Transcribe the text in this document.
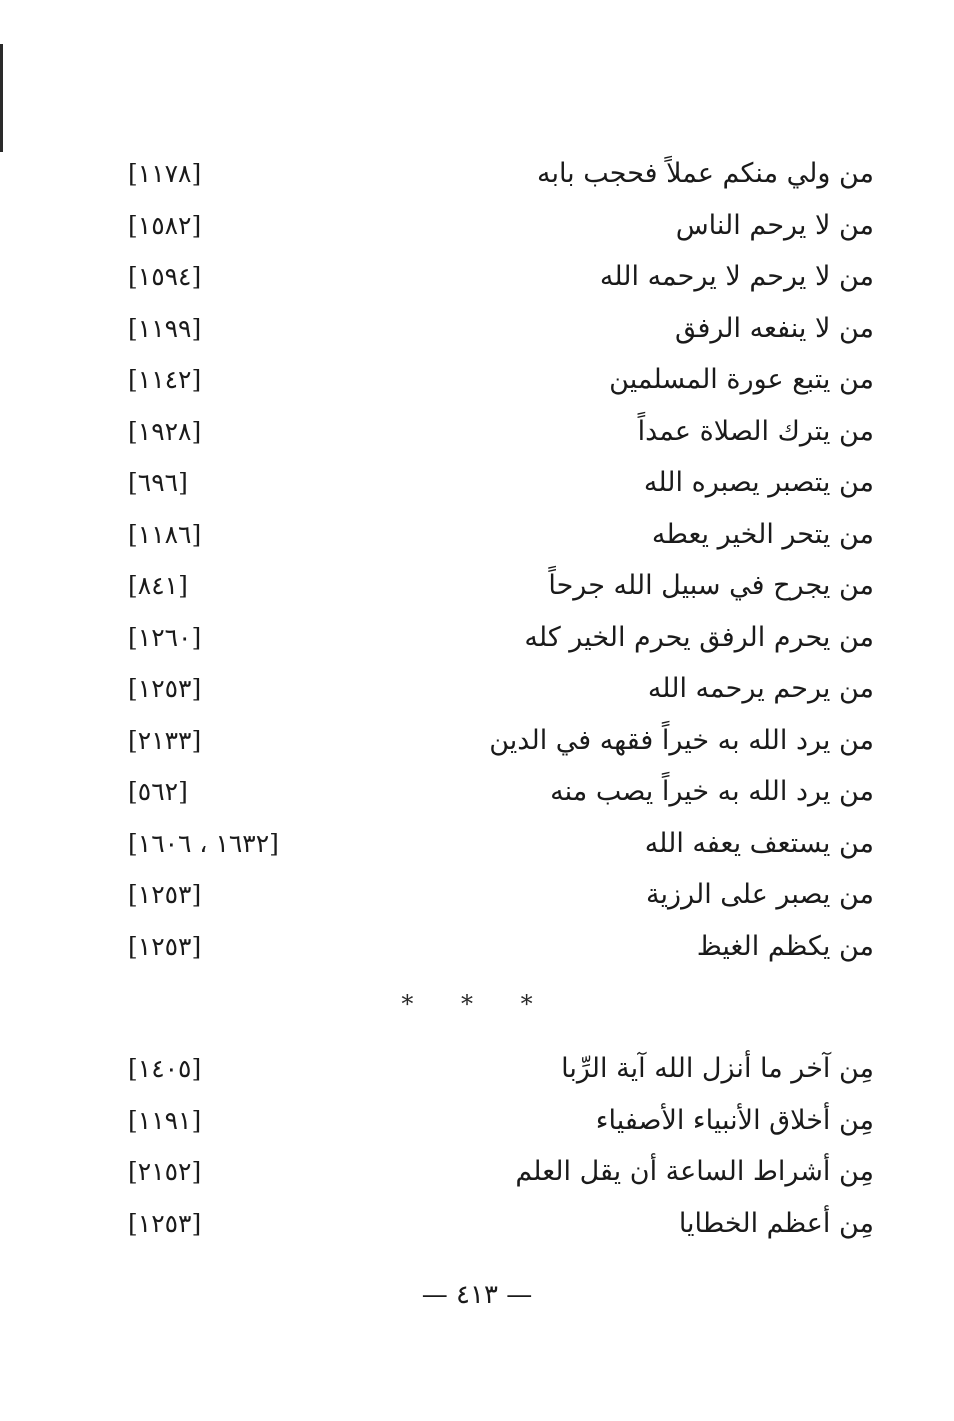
من ولي منكم عملاً فحجب بابه
[١١٧٨]
من لا يرحم الناس
[١٥٨٢]
من لا يرحم لا يرحمه الله
[١٥٩٤]
من لا ينفعه الرفق
[١١٩٩]
من يتبع عورة المسلمين
[١١٤٢]
من يترك الصلاة عمداً
[١٩٢٨]
من يتصبر يصبره الله
[٦٩٦]
من يتحر الخير يعطه
[١١٨٦]
من يجرح في سبيل الله جرحاً
[٨٤١]
من يحرم الرفق يحرم الخير كله
[١٢٦٠]
من يرحم يرحمه الله
[١٢٥٣]
من يرد الله به خيراً فقهه في الدين
[٢١٣٣]
من يرد الله به خيراً يصب منه
[٥٦٢]
من يستعف يعفه الله
[١٦٣٢ ، ١٦٠٦]
من يصبر على الرزية
[١٢٥٣]
من يكظم الغيظ
[١٢٥٣]
* * *
مِن آخر ما أنزل الله آية الرِّبا
[١٤٠٥]
مِن أخلاق الأنبياء الأصفياء
[١١٩١]
مِن أشراط الساعة أن يقل العلم
[٢١٥٢]
مِن أعظم الخطايا
[١٢٥٣]
— ٤١٣ —
